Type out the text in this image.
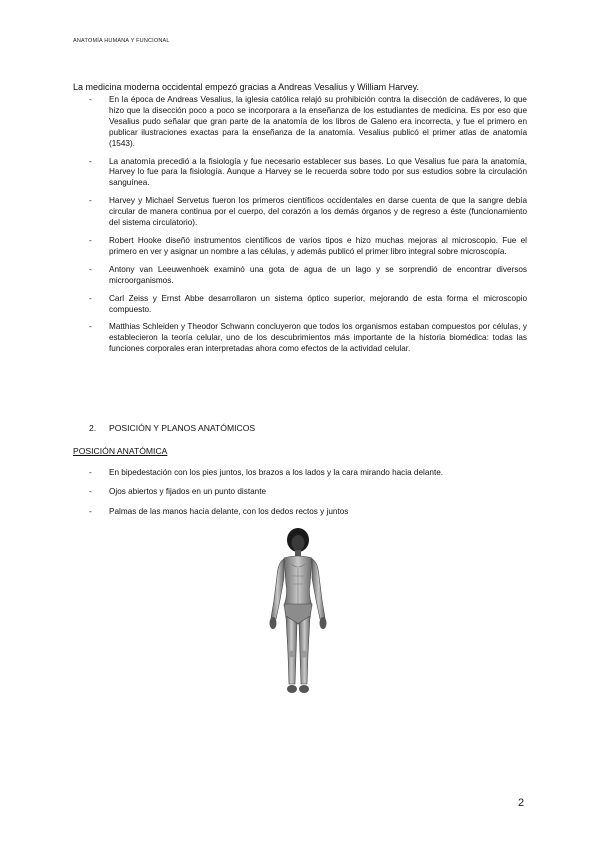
ANATOMÍA HUMANA Y FUNCIONAL

La medicina moderna occidental empezó gracias a Andreas Vesalius y William Harvey.

- En la época de Andreas Vesalius, la iglesia católica relajó su prohibición contra la disección de cadáveres, lo que hizo que la disección poco a poco se incorporara a la enseñanza de los estudiantes de medicina. Es por eso que Vesalius pudo señalar que gran parte de la anatomía de los libros de Galeno era incorrecta, y fue el primero en publicar ilustraciones exactas para la enseñanza de la anatomía. Vesalius publicó el primer atlas de anatomía (1543).
- La anatomía precedió a la fisiología y fue necesario establecer sus bases. Lo que Vesalius fue para la anatomía, Harvey lo fue para la fisiología. Aunque a Harvey se le recuerda sobre todo por sus estudios sobre la circulación sanguínea.
- Harvey y Michael Servetus fueron los primeros científicos occidentales en darse cuenta de que la sangre debía circular de manera continua por el cuerpo, del corazón a los demás órganos y de regreso a éste (funcionamiento del sistema circulatorio).
- Robert Hooke diseñó instrumentos científicos de varios tipos e hizo muchas mejoras al microscopio. Fue el primero en ver y asignar un nombre a las células, y además publicó el primer libro integral sobre microscopía.
- Antony van Leeuwenhoek examinó una gota de agua de un lago y se sorprendió de encontrar diversos microorganismos.
- Carl Zeiss y Ernst Abbe desarrollaron un sistema óptico superior, mejorando de esta forma el microscopio compuesto.
- Matthias Schleiden y Theodor Schwann concluyeron que todos los organismos estaban compuestos por células, y establecieron la teoría celular, uno de los descubrimientos más importante de la historia biomédica: todas las funciones corporales eran interpretadas ahora como efectos de la actividad celular.
2. POSICIÓN Y PLANOS ANATÓMICOS
POSICIÓN ANATÓMICA
- En bipedestación con los pies juntos, los brazos a los lados y la cara mirando hacia delante.
- Ojos abiertos y fijados en un punto distante
- Palmas de las manos hacia delante, con los dedos rectos y juntos
2
